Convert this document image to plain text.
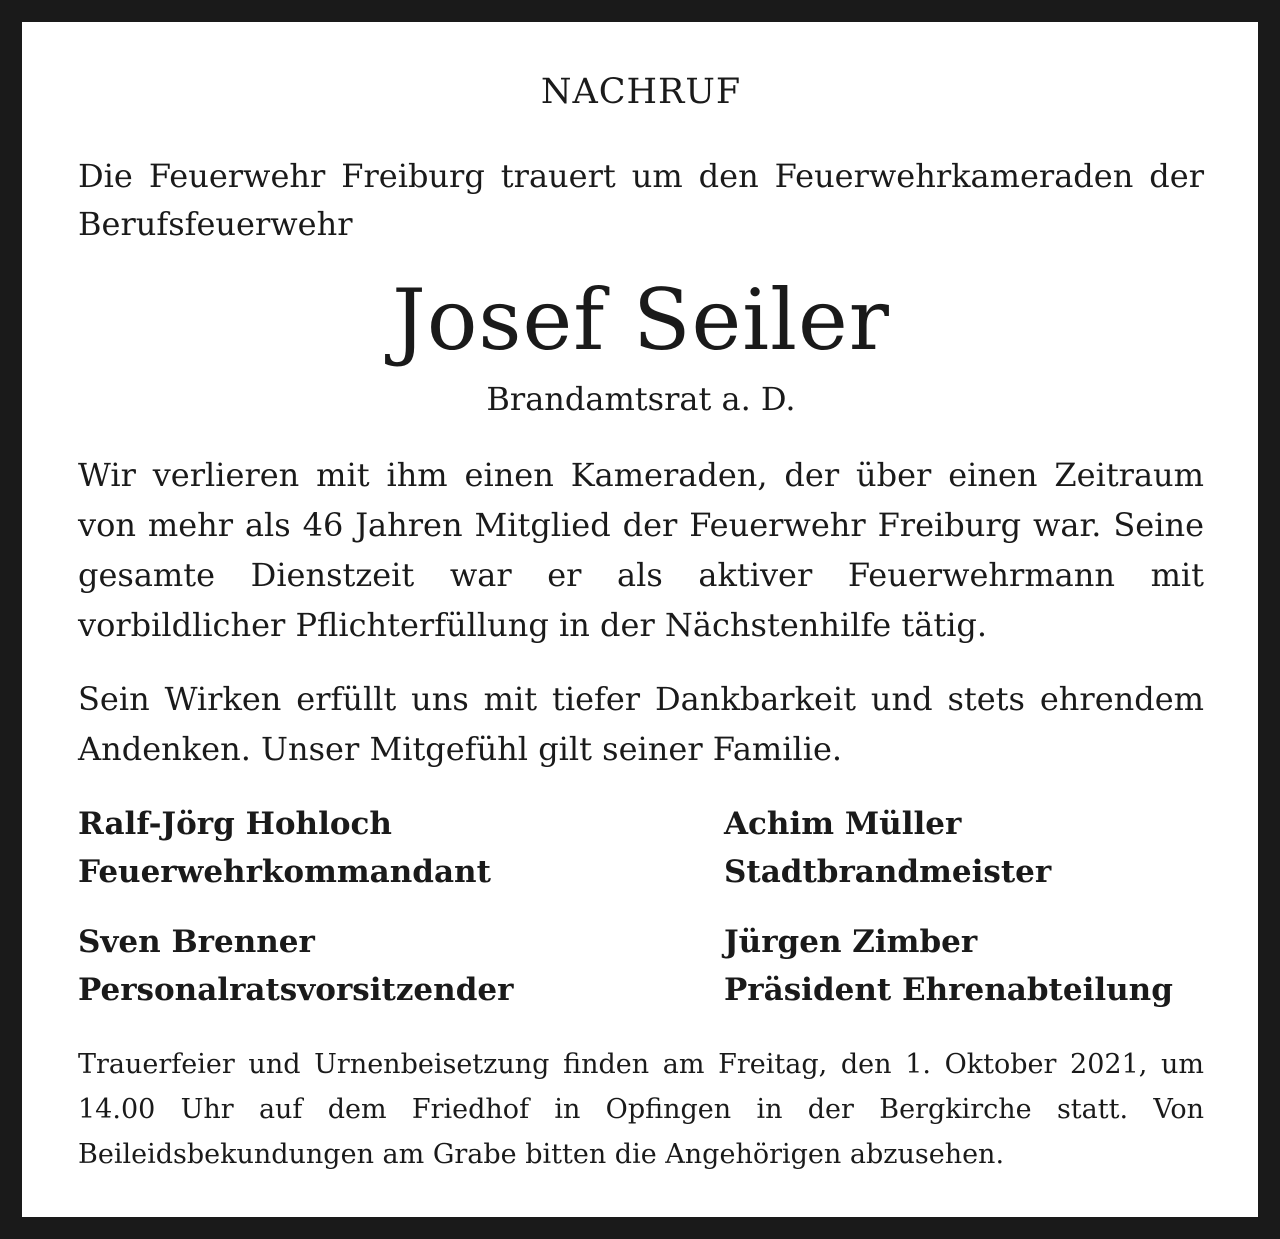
NACHRUF
Die Feuerwehr Freiburg trauert um den Feuerwehrkameraden der Berufsfeuerwehr
Josef Seiler
Brandamtsrat a. D.
Wir verlieren mit ihm einen Kameraden, der über einen Zeitraum von mehr als 46 Jahren Mitglied der Feuerwehr Freiburg war. Seine gesamte Dienstzeit war er als aktiver Feuerwehrmann mit vorbildlicher Pflichterfüllung in der Nächstenhilfe tätig.
Sein Wirken erfüllt uns mit tiefer Dankbarkeit und stets ehrendem Andenken. Unser Mitgefühl gilt seiner Familie.
Ralf-Jörg Hohloch
Feuerwehrkommandant
Achim Müller
Stadtbrandmeister
Sven Brenner
Personalratsvorsitzender
Jürgen Zimber
Präsident Ehrenabteilung
Trauerfeier und Urnenbeisetzung finden am Freitag, den 1. Oktober 2021, um 14.00 Uhr auf dem Friedhof in Opfingen in der Bergkirche statt. Von Beileidsbekundungen am Grabe bitten die Angehörigen abzusehen.
